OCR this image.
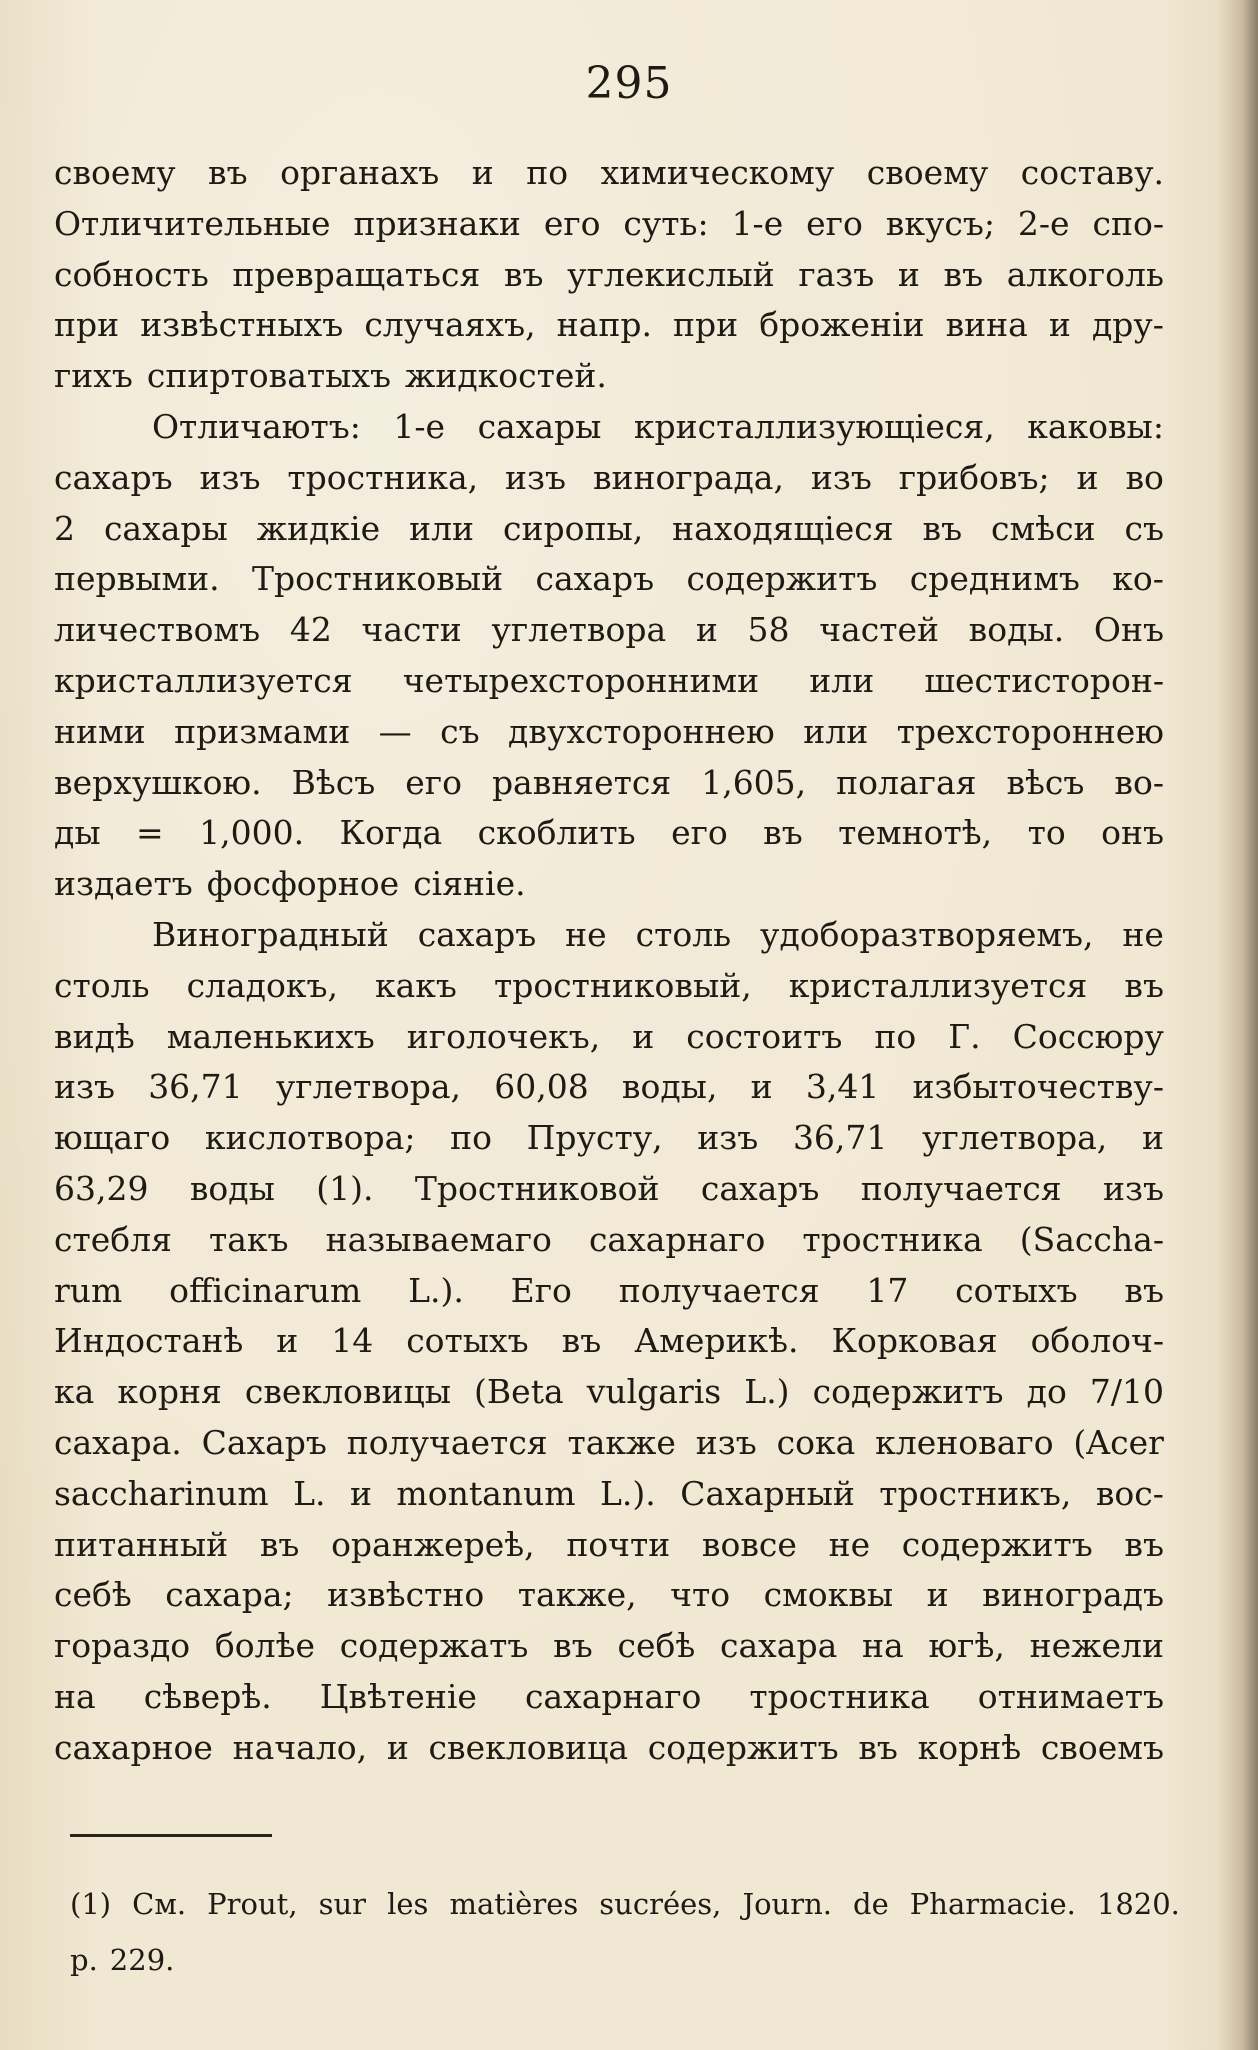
295
своему въ органахъ и по химическому своему составу.
Отличительные признаки его суть: 1-е его вкусъ; 2-е спо-
собность превращаться въ углекислый газъ и въ алкоголь
при извѣстныхъ случаяхъ, напр. при броженіи вина и дру-
гихъ спиртоватыхъ жидкостей.
Отличаютъ: 1-е сахары кристаллизующіеся, каковы:
сахаръ изъ тростника, изъ винограда, изъ грибовъ; и во
2 сахары жидкіе или сиропы, находящіеся въ смѣси съ
первыми. Тростниковый сахаръ содержитъ среднимъ ко-
личествомъ 42 части углетвора и 58 частей воды. Онъ
кристаллизуется четырехсторонними или шестисторон-
ними призмами — съ двухстороннею или трехстороннею
верхушкою. Вѣсъ его равняется 1,605, полагая вѣсъ во-
ды = 1,000. Когда скоблить его въ темнотѣ, то онъ
издаетъ фосфорное сіяніе.
Виноградный сахаръ не столь удоборазтворяемъ, не
столь сладокъ, какъ тростниковый, кристаллизуется въ
видѣ маленькихъ иголочекъ, и состоитъ по Г. Соссюру
изъ 36,71 углетвора, 60,08 воды, и 3,41 избыточеству-
ющаго кислотвора; по Прусту, изъ 36,71 углетвора, и
63,29 воды (1). Тростниковой сахаръ получается изъ
стебля такъ называемаго сахарнаго тростника (Saccha-
rum officinarum L.). Его получается 17 сотыхъ въ
Индостанѣ и 14 сотыхъ въ Америкѣ. Корковая оболоч-
ка корня свекловицы (Beta vulgaris L.) содержитъ до 7/10
сахара. Сахаръ получается также изъ сока кленоваго (Acer
saccharinum L. и montanum L.). Сахарный тростникъ, вос-
питанный въ оранжереѣ, почти вовсе не содержитъ въ
себѣ сахара; извѣстно также, что смоквы и виноградъ
гораздо болѣе содержатъ въ себѣ сахара на югѣ, нежели
на сѣверѣ. Цвѣтеніе сахарнаго тростника отнимаетъ
сахарное начало, и свекловица содержитъ въ корнѣ своемъ
(1) См. Prout, sur les matières sucrées, Journ. de Pharmacie. 1820.
p. 229.
